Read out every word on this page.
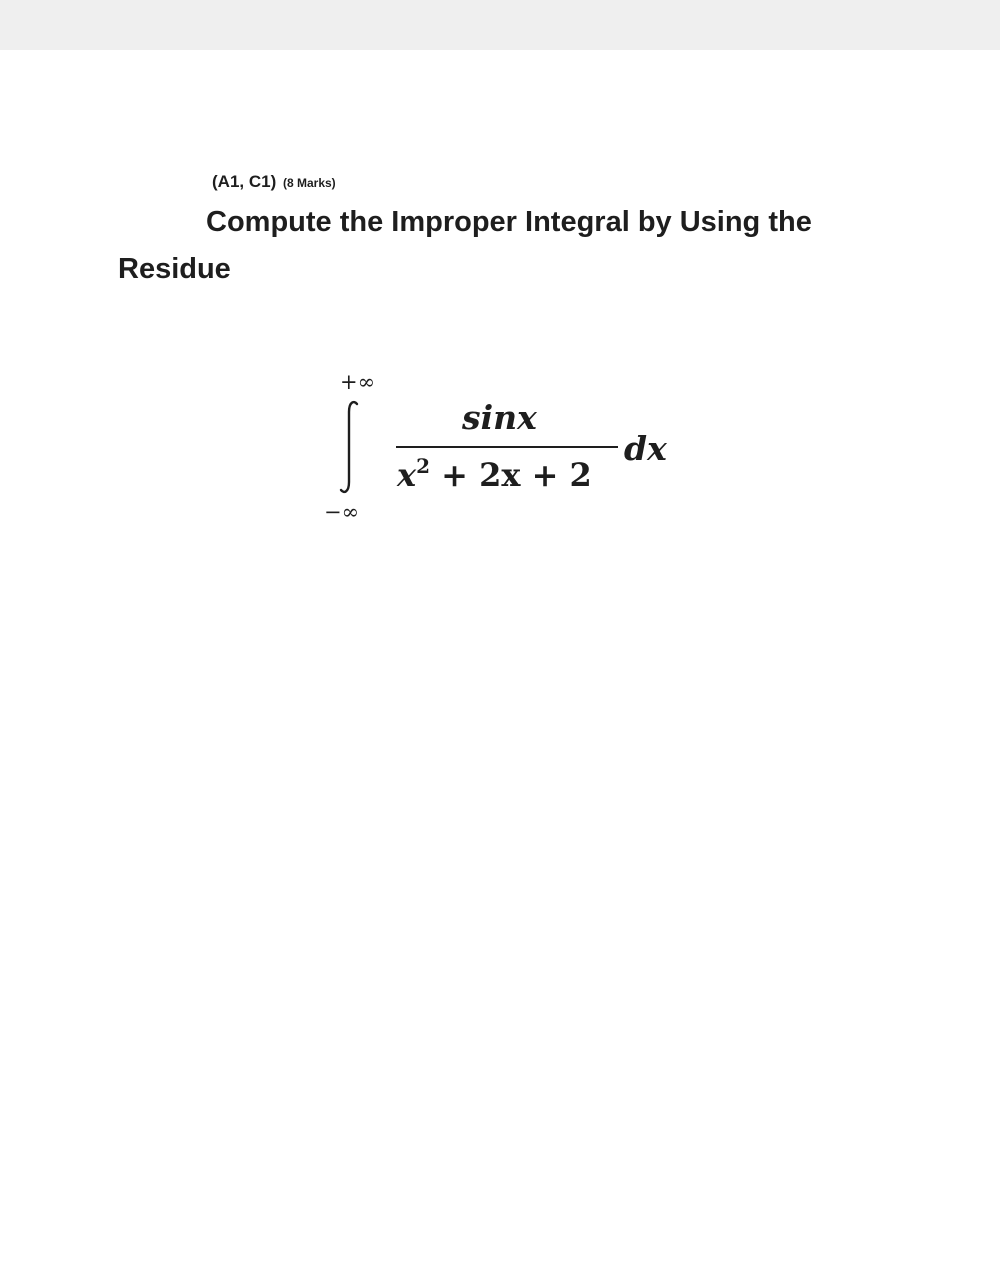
(A1, C1) (8 Marks)
Compute the Improper Integral by Using the
Residue
+∞
−∞
sinx
$x^2 + 2x + 2$
dx
